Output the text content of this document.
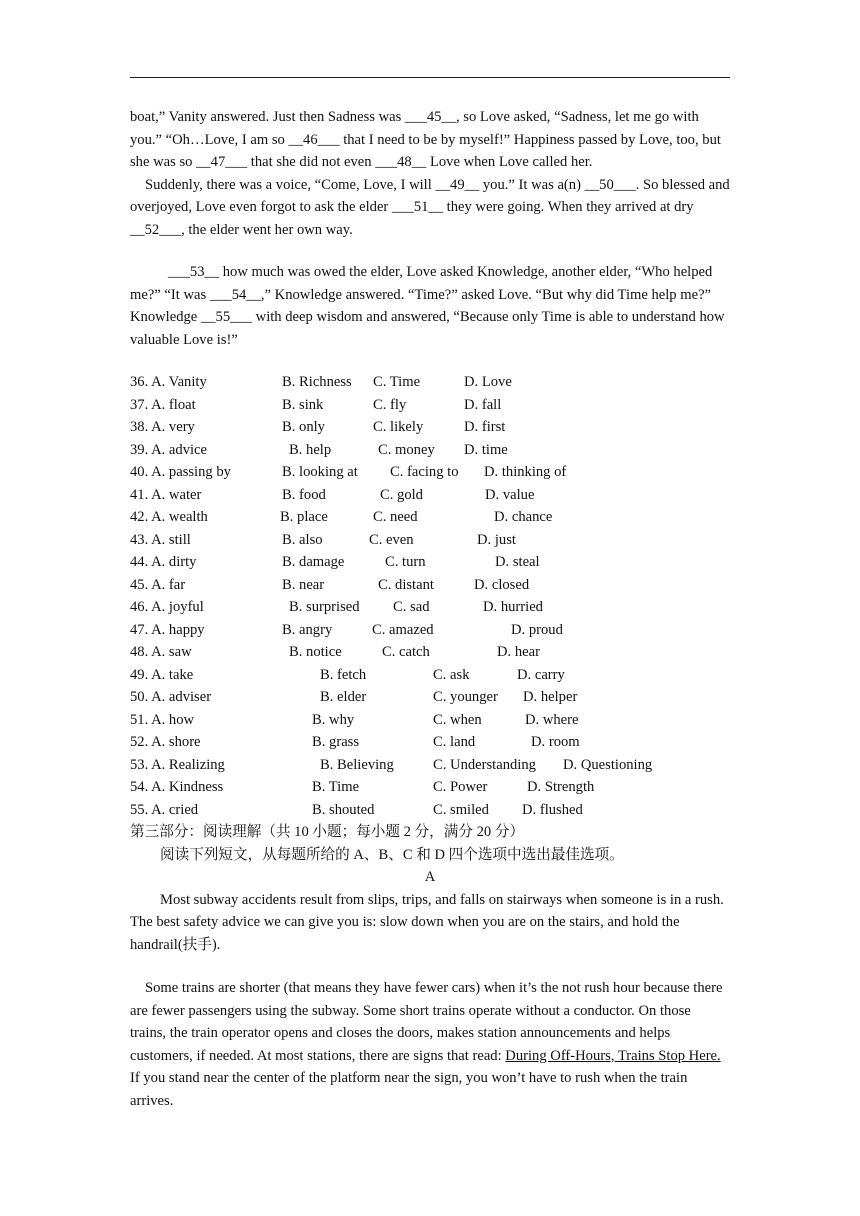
boat,” Vanity answered. Just then Sadness was ___45__, so Love asked, “Sadness, let me go with you.” “Oh…Love, I am so __46___ that I need to be by myself!” Happiness passed by Love, too, but she was so __47___ that she did not even ___48__ Love when Love called her.

Suddenly, there was a voice, “Come, Love, I will __49__ you.” It was a(n) __50___. So blessed and overjoyed, Love even forgot to ask the elder ___51__ they were going. When they arrived at dry __52___, the elder went her own way.

___53__ how much was owed the elder, Love asked Knowledge, another elder, “Who helped me?” “It was ___54__,” Knowledge answered. “Time?” asked Love. “But why did Time help me?” Knowledge __55___ with deep wisdom and answered, “Because only Time is able to understand how valuable Love is!”

36. A. Vanity	B. Richness C. Time	D. Love
37. A. float	B. sink	C. fly	D. fall
38. A. very	B. only	C. likely	D. first
39. A. advice	B. help	C. money D. time
40. A. passing by	B. looking at C. facing to D. thinking of
41. A. water	B. food	C. gold	D. value
42. A. wealth	B. place	C. need	D. chance
43. A. still	B. also	C. even	D. just
44. A. dirty	B. damage	C. turn	D. steal
45. A. far	B. near	C. distant	D. closed
46. A. joyful	B. surprised C. sad	D. hurried
47. A. happy	B. angry	C. amazed	D. proud
48. A. saw	B. notice	C. catch	D. hear
49. A. take	B. fetch	C. ask	D. carry
50. A. adviser	B. elder	C. younger D. helper
51. A. how	B. why	C. when	D. where
52. A. shore	B. grass	C. land	D. room
53. A. Realizing	B. Believing	C. Understanding D. Questioning
54. A. Kindness	B. Time	C. Power	D. Strength
55. A. cried	B. shouted	C. smiled D. flushed

第三部分：阅读理解（共 10 小题；每小题 2 分，满分 20 分）

阅读下列短文，从每题所给的 A、B、C 和 D 四个选项中选出最佳选项。

A

Most subway accidents result from slips, trips, and falls on stairways when someone is in a rush. The best safety advice we can give you is: slow down when you are on the stairs, and hold the handrail(扶手).

Some trains are shorter (that means they have fewer cars) when it’s the not rush hour because there are fewer passengers using the subway. Some short trains operate without a conductor. On those trains, the train operator opens and closes the doors, makes station announcements and helps customers, if needed. At most stations, there are signs that read: During Off-Hours, Trains Stop Here. If you stand near the center of the platform near the sign, you won’t have to rush when the train arrives.
